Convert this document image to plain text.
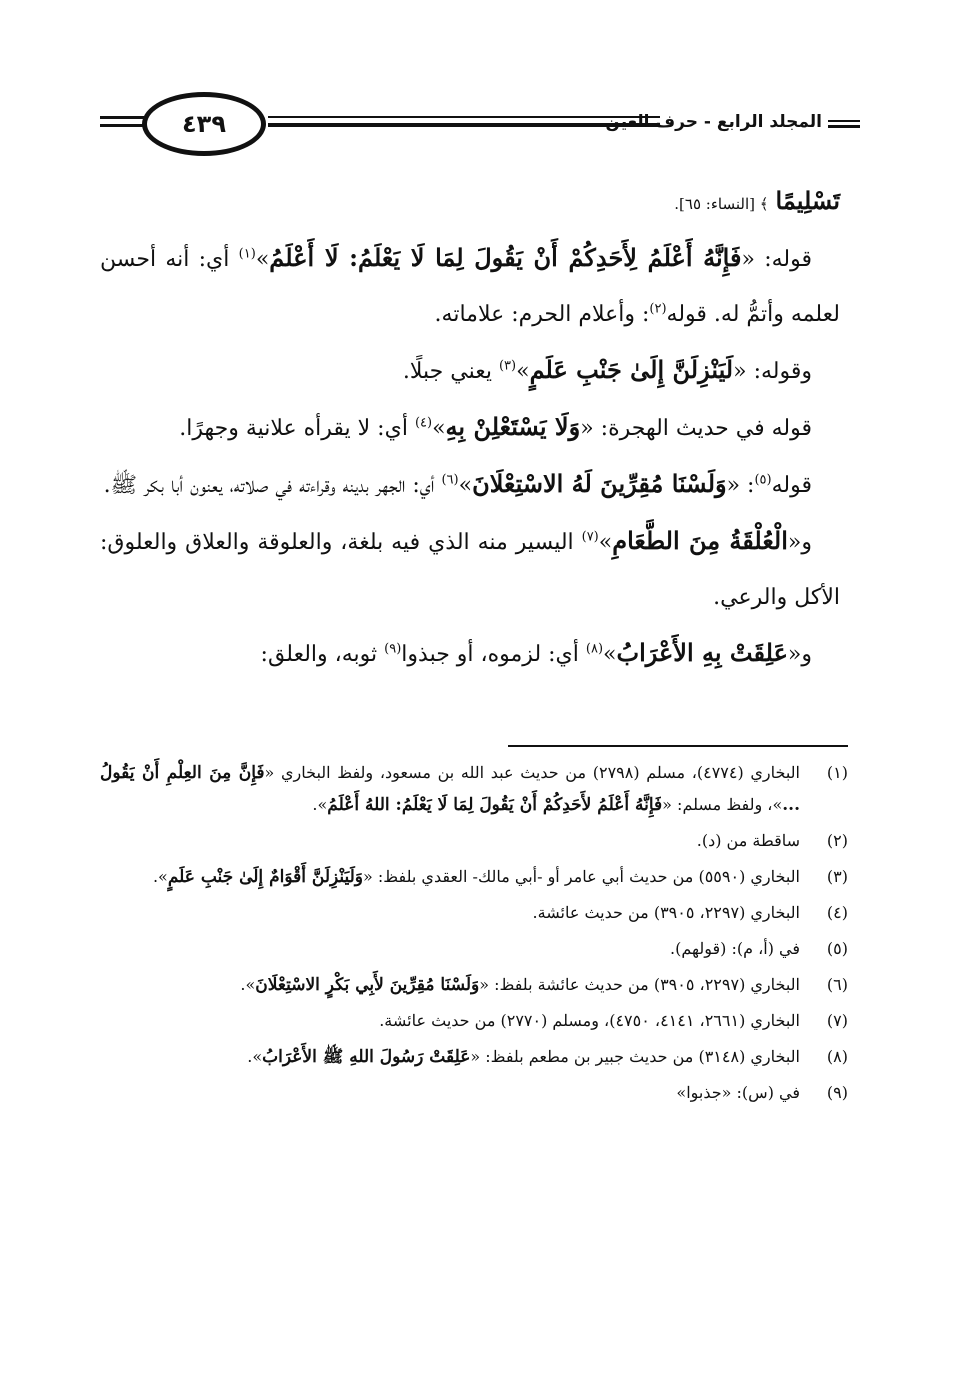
٤٣٩	المجلد الرابع - حرف العين

تَسْلِيمًا ﴾ [النساء: ٦٥].

قوله: «فَإِنَّهُ أَعْلَمُ لِأَحَدِكُمْ أَنْ يَقُولَ لِمَا لَا يَعْلَمُ: لَا أَعْلَمُ»$^{(١)}$ أي: أنه أحسن لعلمه وأتمُّ له. قوله$^{(٢)}$: وأعلام الحرم: علاماته.

وقوله: «لَيَنْزِلَنَّ إِلَىٰ جَنْبِ عَلَمٍ»$^{(٣)}$ يعني جبلًا.

قوله في حديث الهجرة: «وَلَا يَسْتَعْلِنْ بِهِ»$^{(٤)}$ أي: لا يقرأه علانية وجهرًا.

قوله$^{(٥)}$: «وَلَسْنَا مُقِرِّينَ لَهُ الاسْتِعْلَانَ»$^{(٦)}$ أي: الجهر بدينه وقراءته في صلاته، يعنون أبا بكر ﷺ.

و«الْعُلْقَةُ مِنَ الطَّعَامِ»$^{(٧)}$ اليسير منه الذي فيه بلغة، والعلوقة والعلاق والعلوق: الأكل والرعي.

و«عَلِقَتْ بِهِ الأَعْرَابُ»$^{(٨)}$ أي: لزموه، أو جبذوا$^{(٩)}$ ثوبه، والعلق:

(١)
البخاري (٤٧٧٤)، مسلم (٢٧٩٨) من حديث عبد الله بن مسعود، ولفظ البخاري «فَإِنَّ مِنَ العِلْمِ أَنْ يَقُولُ ...»، ولفظ مسلم: «فَإِنَّهُ أَعْلَمُ لأَحَدِكُمْ أَنْ يَقُولَ لِمَا لَا يَعْلَمُ: اللهُ أَعْلَمُ».
(٢)
ساقطة من (د).
(٣)
البخاري (٥٥٩٠) من حديث أبي عامر أو -أبي مالك- العقدي بلفظ: «وَلَيَنْزِلَنَّ أَقْوَامٌ إِلَىٰ جَنْبِ عَلَمٍ».
(٤)
البخاري (٢٢٩٧، ٣٩٠٥) من حديث عائشة.
(٥)
في (أ، م): (قولهم).
(٦)
البخاري (٢٢٩٧، ٣٩٠٥) من حديث عائشة بلفظ: «وَلَسْنَا مُقِرِّينَ لأَبِي بَكْرٍ الاسْتِعْلَانَ».
(٧)
البخاري (٢٦٦١، ٤١٤١، ٤٧٥٠)، ومسلم (٢٧٧٠) من حديث عائشة.
(٨)
البخاري (٣١٤٨) من حديث جبير بن مطعم بلفظ: «عَلِقَتْ رَسُولَ اللهِ ﷺ الأَعْرَابُ».
(٩)
في (س): «جذبوا»
